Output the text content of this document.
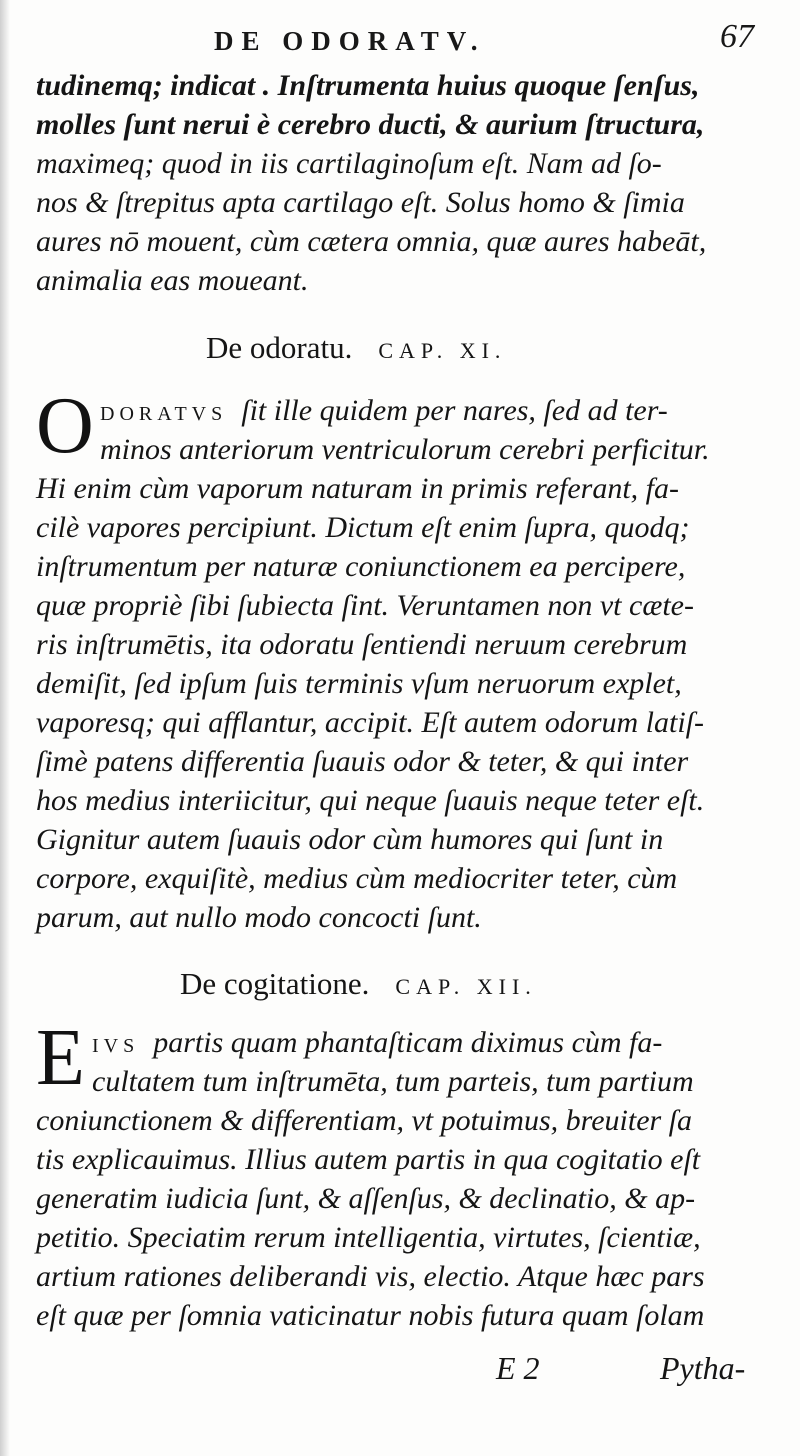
DE ODORATV.	67
tudinemq; indicat . Inſtrumenta huius quoque ſenſus,
molles ſunt nerui è cerebro ducti, & aurium ſtructura,
maximeq; quod in iis cartilaginoſum eſt. Nam ad ſo-
nos & ſtrepitus apta cartilago eſt. Solus homo & ſimia
aures nō mouent, cùm cætera omnia, quæ aures habeāt,
animalia eas moueant.
De odoratu. CAP. XI.
O DORATVS ſit ille quidem per nares, ſed ad ter-
minos anteriorum ventriculorum cerebri perficitur.
Hi enim cùm vaporum naturam in primis referant, fa-
cilè vapores percipiunt. Dictum eſt enim ſupra, quodq;
inſtrumentum per naturæ coniunctionem ea percipere,
quæ propriè ſibi ſubiecta ſint. Veruntamen non vt cæte-
ris inſtrumētis, ita odoratu ſentiendi neruum cerebrum
demiſit, ſed ipſum ſuis terminis vſum neruorum explet,
vaporesq; qui afflantur, accipit. Eſt autem odorum latiſ-
ſimè patens differentia ſuauis odor & teter, & qui inter
hos medius interiicitur, qui neque ſuauis neque teter eſt.
Gignitur autem ſuauis odor cùm humores qui ſunt in
corpore, exquiſitè, medius cùm mediocriter teter, cùm
parum, aut nullo modo concocti ſunt.
De cogitatione. CAP. XII.
E IVS partis quam phantaſticam diximus cùm fa-
cultatem tum inſtrumēta, tum parteis, tum partium
coniunctionem & differentiam, vt potuimus, breuiter ſa
tis explicauimus. Illius autem partis in qua cogitatio eſt
generatim iudicia ſunt, & aſſenſus, & declinatio, & ap-
petitio. Speciatim rerum intelligentia, virtutes, ſcientiæ,
artium rationes deliberandi vis, electio. Atque hæc pars
eſt quæ per ſomnia vaticinatur nobis futura quam ſolam
E 2	Pytha-
